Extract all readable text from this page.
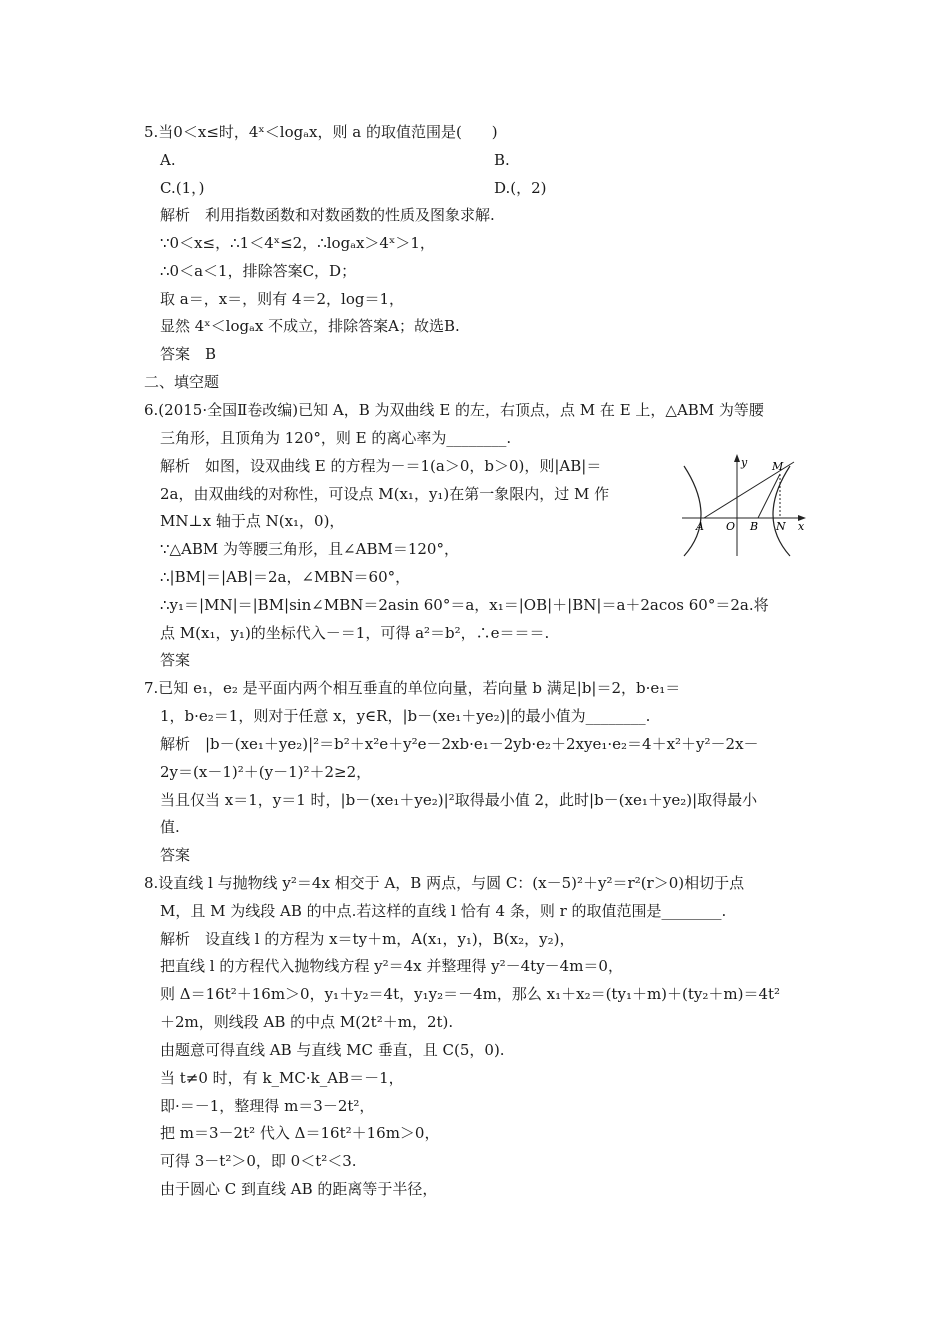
5.当0＜x≤时，4ˣ＜logₐx，则 a 的取值范围是(　　)
A.	B.
C.(1，)	D.(，2)
解析　利用指数函数和对数函数的性质及图象求解.
∵0＜x≤，∴1＜4ˣ≤2，∴logₐx＞4ˣ＞1，
∴0＜a＜1，排除答案C，D；
取 a＝，x＝，则有 4＝2，log＝1，
显然 4ˣ＜logₐx 不成立，排除答案A；故选B.
答案　B
二、填空题
6.(2015·全国Ⅱ卷改编)已知 A，B 为双曲线 E 的左，右顶点，点 M 在 E 上，△ABM 为等腰
三角形，且顶角为 120°，则 E 的离心率为________.
解析　如图，设双曲线 E 的方程为－＝1(a＞0，b＞0)，则|AB|＝
2a，由双曲线的对称性，可设点 M(x₁，y₁)在第一象限内，过 M 作
MN⊥x 轴于点 N(x₁，0)，
∵△ABM 为等腰三角形，且∠ABM＝120°，
∴|BM|＝|AB|＝2a，∠MBN＝60°，
∴y₁＝|MN|＝|BM|sin∠MBN＝2asin 60°＝a，x₁＝|OB|＋|BN|＝a＋2acos 60°＝2a.将
点 M(x₁，y₁)的坐标代入－＝1，可得 a²＝b²，∴e＝＝＝.
答案
y M
A O B N x
7.已知 e₁，e₂ 是平面内两个相互垂直的单位向量，若向量 b 满足|b|＝2，b·e₁＝
1，b·e₂＝1，则对于任意 x，y∈R，|b－(xe₁＋ye₂)|的最小值为________.
解析　|b－(xe₁＋ye₂)|²＝b²＋x²e＋y²e－2xb·e₁－2yb·e₂＋2xye₁·e₂＝4＋x²＋y²－2x－
2y＝(x－1)²＋(y－1)²＋2≥2，
当且仅当 x＝1，y＝1 时，|b－(xe₁＋ye₂)|²取得最小值 2，此时|b－(xe₁＋ye₂)|取得最小
值.
答案
8.设直线 l 与抛物线 y²＝4x 相交于 A，B 两点，与圆 C：(x－5)²＋y²＝r²(r＞0)相切于点
M，且 M 为线段 AB 的中点.若这样的直线 l 恰有 4 条，则 r 的取值范围是________.
解析　设直线 l 的方程为 x＝ty＋m，A(x₁，y₁)，B(x₂，y₂)，
把直线 l 的方程代入抛物线方程 y²＝4x 并整理得 y²－4ty－4m＝0，
则 Δ＝16t²＋16m＞0，y₁＋y₂＝4t，y₁y₂＝－4m，那么 x₁＋x₂＝(ty₁＋m)＋(ty₂＋m)＝4t²
＋2m，则线段 AB 的中点 M(2t²＋m，2t).
由题意可得直线 AB 与直线 MC 垂直，且 C(5，0).
当 t≠0 时，有 k_MC·k_AB＝－1，
即·＝－1，整理得 m＝3－2t²，
把 m＝3－2t² 代入 Δ＝16t²＋16m＞0，
可得 3－t²＞0，即 0＜t²＜3.
由于圆心 C 到直线 AB 的距离等于半径，
